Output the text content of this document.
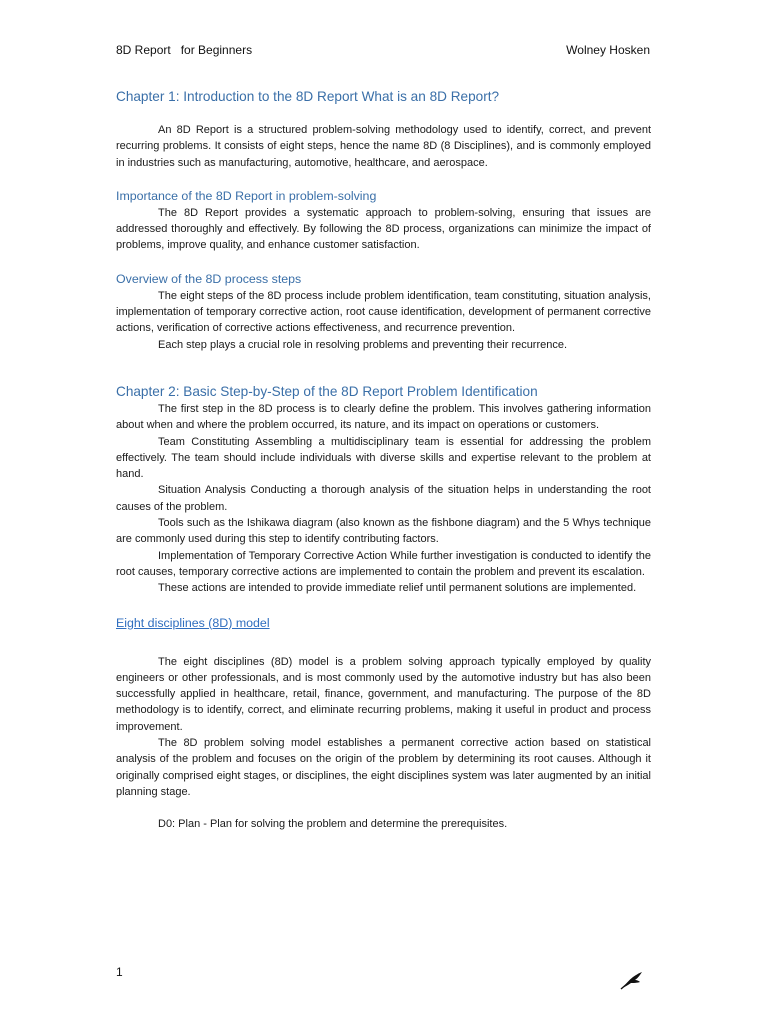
8D Report   for Beginners	Wolney Hosken
Chapter 1: Introduction to the 8D Report What is an 8D Report?

An 8D Report is a structured problem-solving methodology used to identify, correct, and prevent recurring problems. It consists of eight steps, hence the name 8D (8 Disciplines), and is commonly employed in industries such as manufacturing, automotive, healthcare, and aerospace.

Importance of the 8D Report in problem-solving

The 8D Report provides a systematic approach to problem-solving, ensuring that issues are addressed thoroughly and effectively. By following the 8D process, organizations can minimize the impact of problems, improve quality, and enhance customer satisfaction.

Overview of the 8D process steps

The eight steps of the 8D process include problem identification, team constituting, situation analysis, implementation of temporary corrective action, root cause identification, development of permanent corrective actions, verification of corrective actions effectiveness, and recurrence prevention.

Each step plays a crucial role in resolving problems and preventing their recurrence.

Chapter 2: Basic Step-by-Step of the 8D Report Problem Identification

The first step in the 8D process is to clearly define the problem. This involves gathering information about when and where the problem occurred, its nature, and its impact on operations or customers.

Team Constituting Assembling a multidisciplinary team is essential for addressing the problem effectively. The team should include individuals with diverse skills and expertise relevant to the problem at hand.

Situation Analysis Conducting a thorough analysis of the situation helps in understanding the root causes of the problem.

Tools such as the Ishikawa diagram (also known as the fishbone diagram) and the 5 Whys technique are commonly used during this step to identify contributing factors.

Implementation of Temporary Corrective Action While further investigation is conducted to identify the root causes, temporary corrective actions are implemented to contain the problem and prevent its escalation.

These actions are intended to provide immediate relief until permanent solutions are implemented.

Eight disciplines (8D) model

The eight disciplines (8D) model is a problem solving approach typically employed by quality engineers or other professionals, and is most commonly used by the automotive industry but has also been successfully applied in healthcare, retail, finance, government, and manufacturing. The purpose of the 8D methodology is to identify, correct, and eliminate recurring problems, making it useful in product and process improvement.

The 8D problem solving model establishes a permanent corrective action based on statistical analysis of the problem and focuses on the origin of the problem by determining its root causes. Although it originally comprised eight stages, or disciplines, the eight disciplines system was later augmented by an initial planning stage.

D0: Plan - Plan for solving the problem and determine the prerequisites.

1
